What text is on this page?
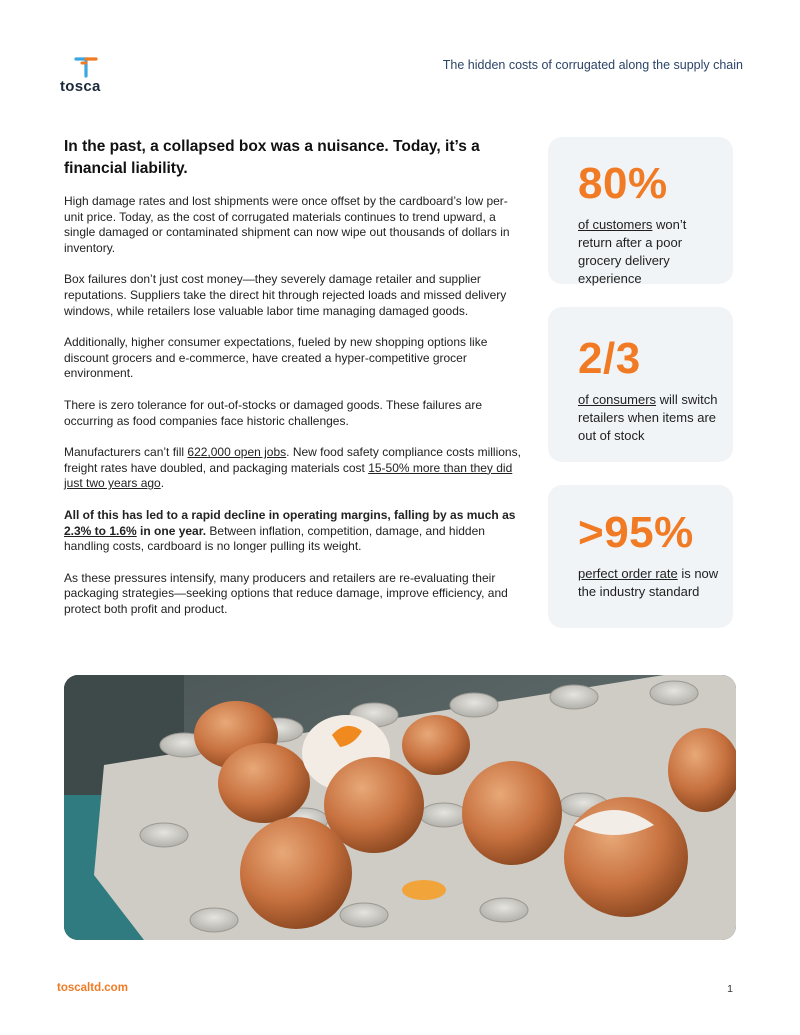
tosca
The hidden costs of corrugated along the supply chain
In the past, a collapsed box was a nuisance. Today, it’s a financial liability.

High damage rates and lost shipments were once offset by the cardboard’s low per-unit price. Today, as the cost of corrugated materials continues to trend upward, a single damaged or contaminated shipment can now wipe out thousands of dollars in inventory.

Box failures don’t just cost money—they severely damage retailer and supplier reputations. Suppliers take the direct hit through rejected loads and missed delivery windows, while retailers lose valuable labor time managing damaged goods.

Additionally, higher consumer expectations, fueled by new shopping options like discount grocers and e-commerce, have created a hyper-competitive grocer environment.

There is zero tolerance for out-of-stocks or damaged goods. These failures are occurring as food companies face historic challenges.

Manufacturers can’t fill 622,000 open jobs. New food safety compliance costs millions, freight rates have doubled, and packaging materials cost 15-50% more than they did just two years ago.

All of this has led to a rapid decline in operating margins, falling by as much as 2.3% to 1.6% in one year. Between inflation, competition, damage, and hidden handling costs, cardboard is no longer pulling its weight.

As these pressures intensify, many producers and retailers are re-evaluating their packaging strategies—seeking options that reduce damage, improve efficiency, and protect both profit and product.

80%
of customers won’t return after a poor grocery delivery experience
2/3
of consumers will switch retailers when items are out of stock
>95%
perfect order rate is now the industry standard
toscaltd.com	1
